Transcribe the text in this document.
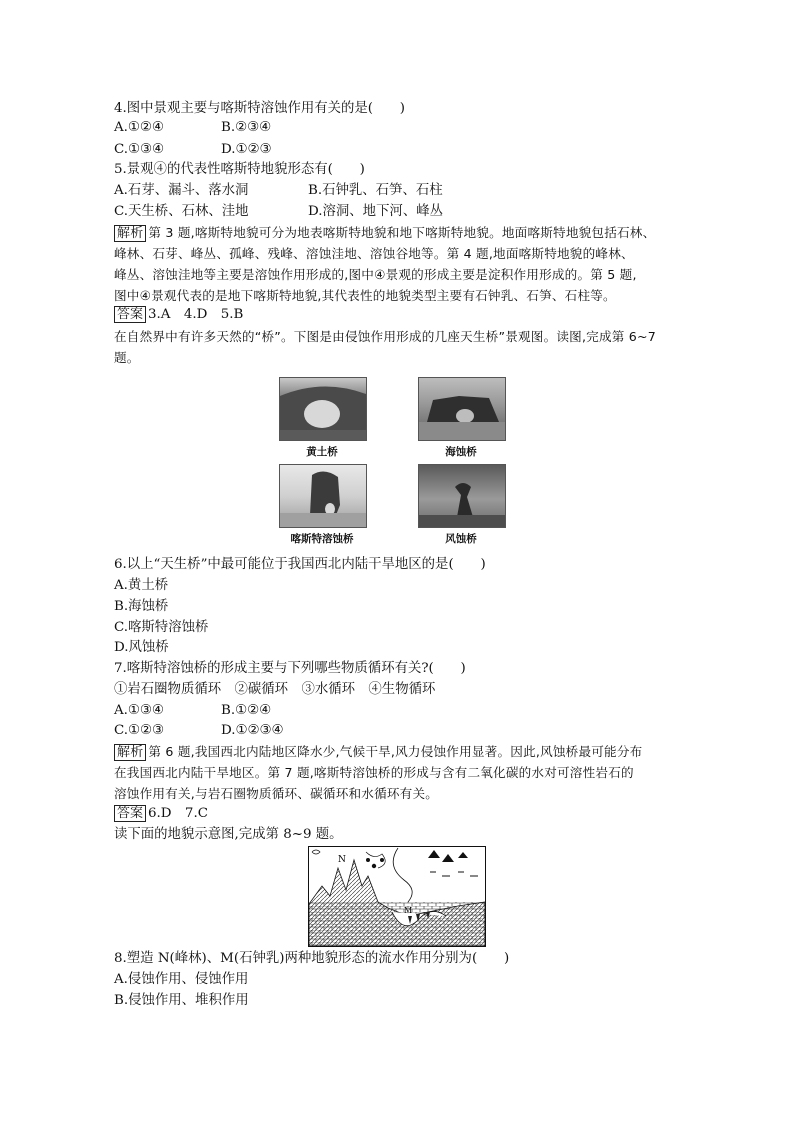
4.图中景观主要与喀斯特溶蚀作用有关的是(　　)
A.①②④	B.②③④
C.①③④	D.①②③
5.景观④的代表性喀斯特地貌形态有(　　)
A.石芽、漏斗、落水洞	B.石钟乳、石笋、石柱
C.天生桥、石林、洼地	D.溶洞、地下河、峰丛
解析 第 3 题,喀斯特地貌可分为地表喀斯特地貌和地下喀斯特地貌。地面喀斯特地貌包括石林、
峰林、石芽、峰丛、孤峰、残峰、溶蚀洼地、溶蚀谷地等。第 4 题,地面喀斯特地貌的峰林、
峰丛、溶蚀洼地等主要是溶蚀作用形成的,图中④景观的形成主要是淀积作用形成的。第 5 题,
图中④景观代表的是地下喀斯特地貌,其代表性的地貌类型主要有石钟乳、石笋、石柱等。
答案 3.A　4.D　5.B
在自然界中有许多天然的“桥”。下图是由侵蚀作用形成的几座天生桥”景观图。读图,完成第 6~7
题。
黄土桥	海蚀桥
喀斯特溶蚀桥	风蚀桥
6.以上“天生桥”中最可能位于我国西北内陆干旱地区的是(　　)
A.黄土桥
B.海蚀桥
C.喀斯特溶蚀桥
D.风蚀桥
7.喀斯特溶蚀桥的形成主要与下列哪些物质循环有关?(　　)
①岩石圈物质循环　②碳循环　③水循环　④生物循环
A.①③④	B.①②④
C.①②③	D.①②③④
解析 第 6 题,我国西北内陆地区降水少,气候干旱,风力侵蚀作用显著。因此,风蚀桥最可能分布
在我国西北内陆干旱地区。第 7 题,喀斯特溶蚀桥的形成与含有二氧化碳的水对可溶性岩石的
溶蚀作用有关,与岩石圈物质循环、碳循环和水循环有关。
答案 6.D　7.C
读下面的地貌示意图,完成第 8~9 题。
N
M
8.塑造 N(峰林)、M(石钟乳)两种地貌形态的流水作用分别为(　　)
A.侵蚀作用、侵蚀作用
B.侵蚀作用、堆积作用
